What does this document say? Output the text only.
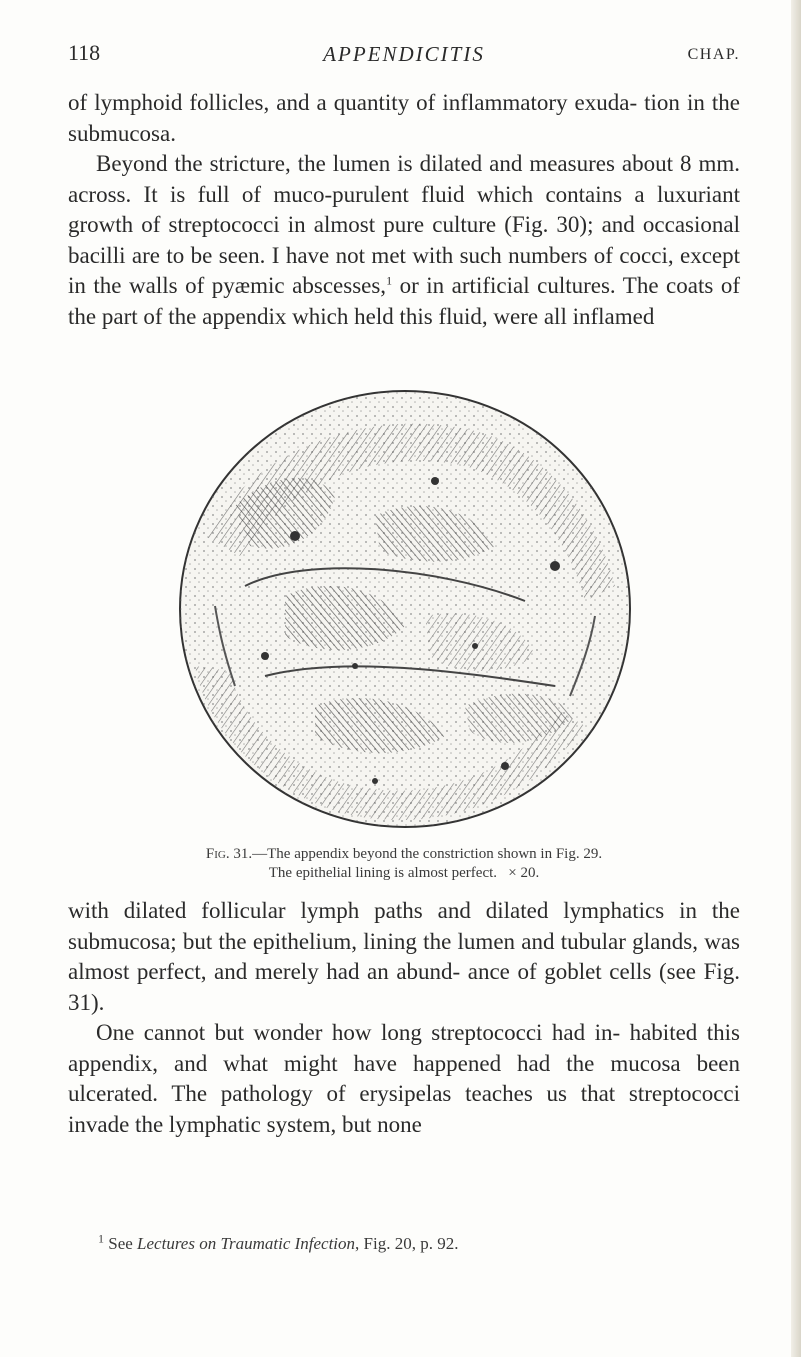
118	APPENDICITIS	CHAP.
of lymphoid follicles, and a quantity of inflammatory exuda- tion in the submucosa.
Beyond the stricture, the lumen is dilated and measures about 8 mm. across. It is full of muco-purulent fluid which contains a luxuriant growth of streptococci in almost pure culture (Fig. 30); and occasional bacilli are to be seen. I have not met with such numbers of cocci, except in the walls of pyæmic abscesses,$^1$ or in artificial cultures. The coats of the part of the appendix which held this fluid, were all inflamed
Fig. 31.—The appendix beyond the constriction shown in Fig. 29.
The epithelial lining is almost perfect. × 20.
with dilated follicular lymph paths and dilated lymphatics in the submucosa; but the epithelium, lining the lumen and tubular glands, was almost perfect, and merely had an abund- ance of goblet cells (see Fig. 31).
One cannot but wonder how long streptococci had in- habited this appendix, and what might have happened had the mucosa been ulcerated. The pathology of erysipelas teaches us that streptococci invade the lymphatic system, but none
$^1$ See Lectures on Traumatic Infection, Fig. 20, p. 92.
